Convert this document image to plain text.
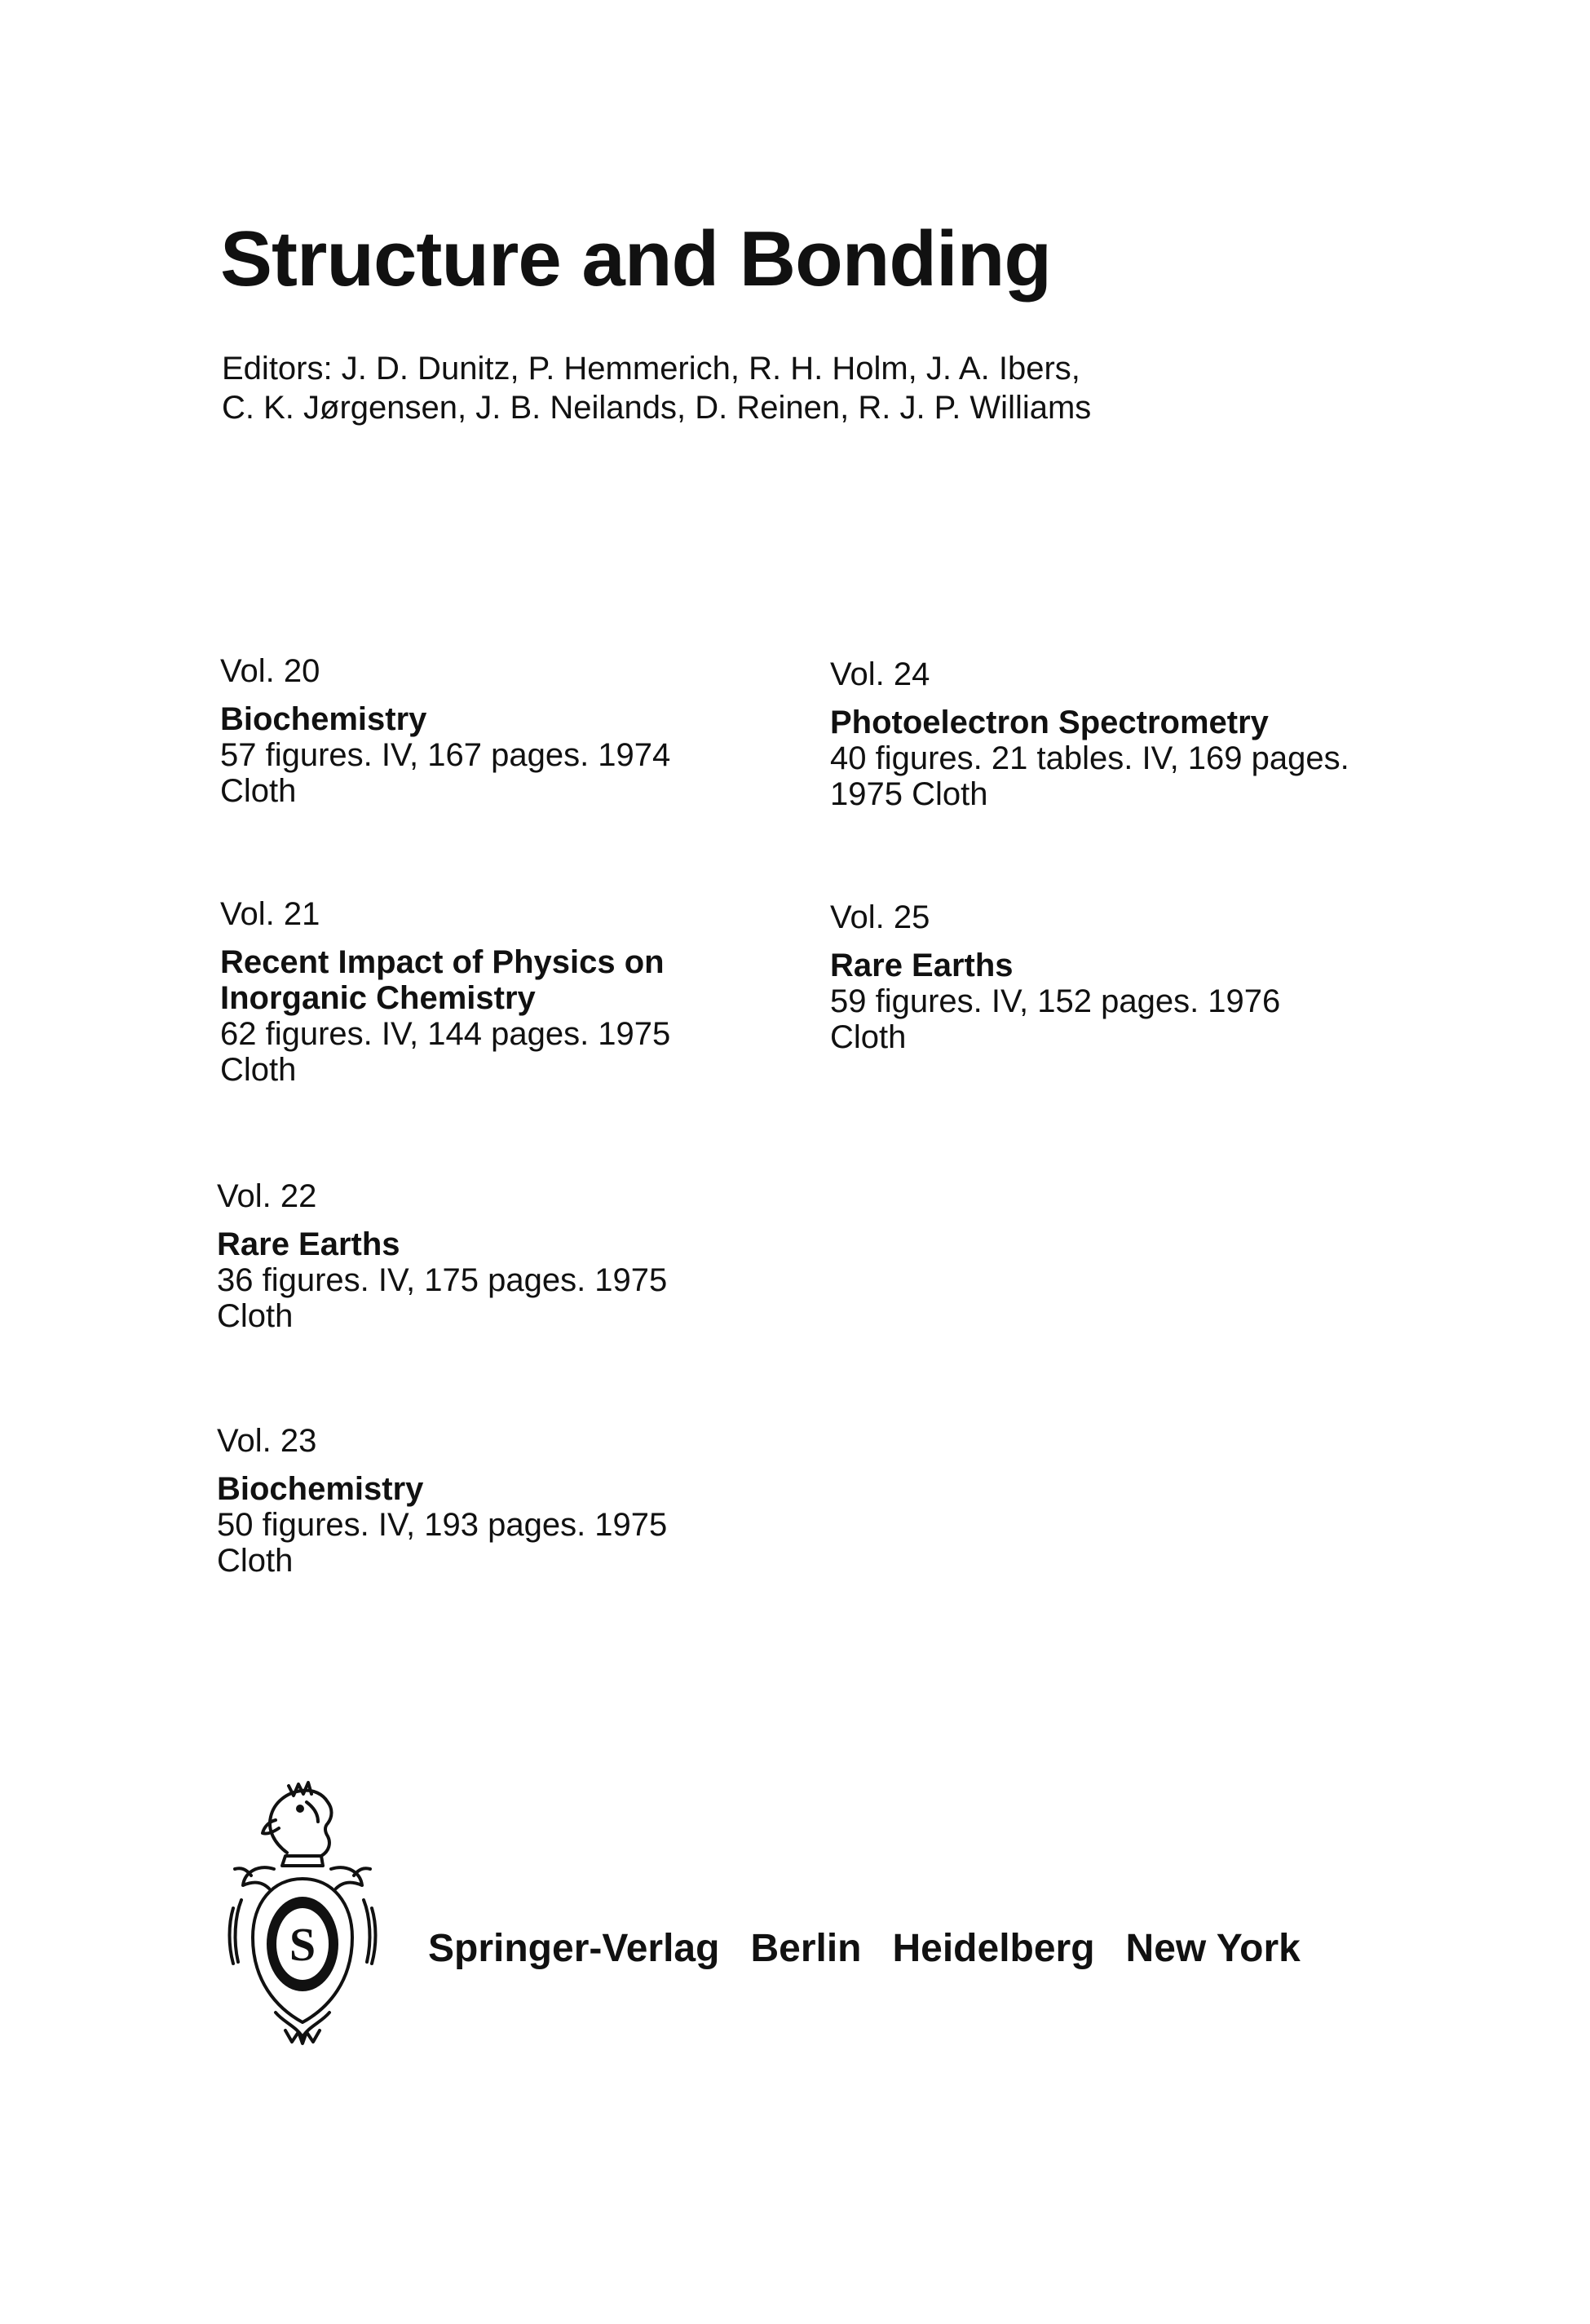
Structure and Bonding
Editors: J. D. Dunitz, P. Hemmerich, R. H. Holm, J. A. Ibers,
C. K. Jørgensen, J. B. Neilands, D. Reinen, R. J. P. Williams
Vol. 20
Biochemistry
57 figures. IV, 167 pages. 1974
Cloth
Vol. 21
Recent Impact of Physics on
Inorganic Chemistry
62 figures. IV, 144 pages. 1975
Cloth
Vol. 22
Rare Earths
36 figures. IV, 175 pages. 1975
Cloth
Vol. 23
Biochemistry
50 figures. IV, 193 pages. 1975
Cloth
Vol. 24
Photoelectron Spectrometry
40 figures. 21 tables. IV, 169 pages.
1975 Cloth
Vol. 25
Rare Earths
59 figures. IV, 152 pages. 1976
Cloth
S	Springer-Verlag Berlin Heidelberg New York
